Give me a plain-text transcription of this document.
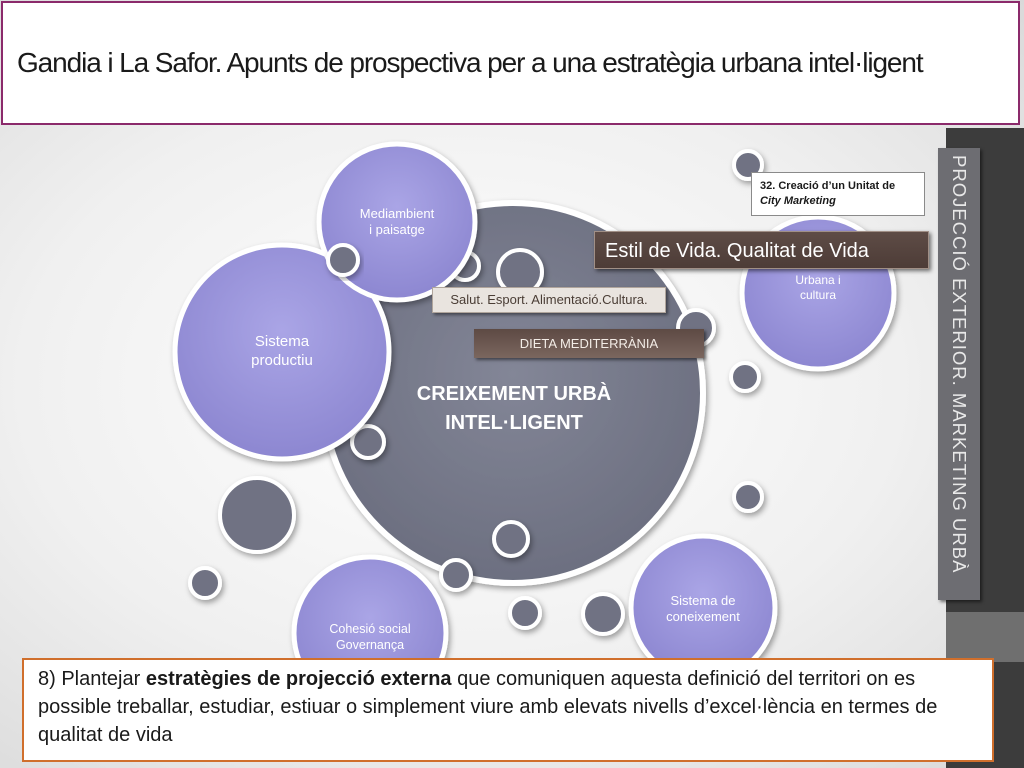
Mediambient
i paisatge
Sistema
productiu
Urbana i
cultura
Sistema de
coneixement
Cohesió social
Governança
CREIXEMENT URBÀ
INTEL·LIGENT
Salut. Esport. Alimentació.Cultura.
DIETA MEDITERRÀNIA
Estil de Vida. Qualitat de Vida
32. Creació d’un Unitat de
City Marketing	PROJECCIÓ EXTERIOR. MARKETING URBÀ
Gandia i La Safor. Apunts de prospectiva per a una estratègia urbana intel·ligent
8) Plantejar estratègies de projecció externa que comuniquen aquesta definició del territori on es possible treballar, estudiar, estiuar o simplement viure amb elevats nivells d’excel·lència en termes de qualitat de vida
